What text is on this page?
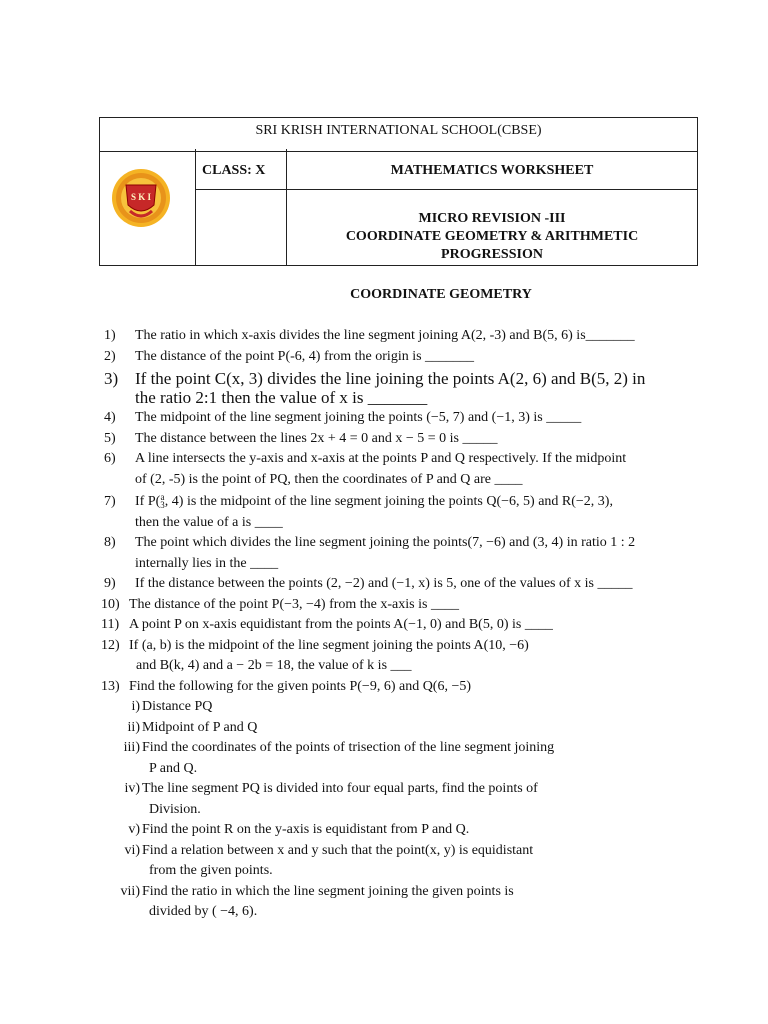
SRI KRISH INTERNATIONAL SCHOOL(CBSE)
S K I
CLASS: X	MATHEMATICS WORKSHEET
MICRO REVISION -III
COORDINATE GEOMETRY & ARITHMETIC
PROGRESSION
COORDINATE GEOMETRY
1) The ratio in which x-axis divides the line segment joining A(2, -3) and B(5, 6) is_______
2) The distance of the point P(-6, 4) from the origin is _______
3) If the point C(x, 3) divides the line joining the points A(2, 6) and B(5, 2) in
the ratio 2:1 then the value of x is _______
4) The midpoint of the line segment joining the points (−5, 7) and (−1, 3) is _____
5) The distance between the lines 2x + 4 = 0 and x − 5 = 0 is _____
6) A line intersects the y-axis and x-axis at the points P and Q respectively. If the midpoint
of (2, -5) is the point of PQ, then the coordinates of P and Q are ____
7) If P(a
3, 4) is the midpoint of the line segment joining the points Q(−6, 5) and R(−2, 3),
then the value of a is ____
8) The point which divides the line segment joining the points(7, −6) and (3, 4) in ratio 1 : 2
internally lies in the ____
9) If the distance between the points (2, −2) and (−1, x) is 5, one of the values of x is _____
10) The distance of the point P(−3, −4) from the x-axis is ____
11) A point P on x-axis equidistant from the points A(−1, 0) and B(5, 0) is ____
12) If (a, b) is the midpoint of the line segment joining the points A(10, −6)
and B(k, 4) and a − 2b = 18, the value of k is ___
13) Find the following for the given points P(−9, 6) and Q(6, −5)
i) Distance PQ
ii) Midpoint of P and Q
iii) Find the coordinates of the points of trisection of the line segment joining
P and Q.
iv) The line segment PQ is divided into four equal parts, find the points of
Division.
v) Find the point R on the y-axis is equidistant from P and Q.
vi) Find a relation between x and y such that the point(x, y) is equidistant
from the given points.
vii) Find the ratio in which the line segment joining the given points is
divided by ( −4, 6).
